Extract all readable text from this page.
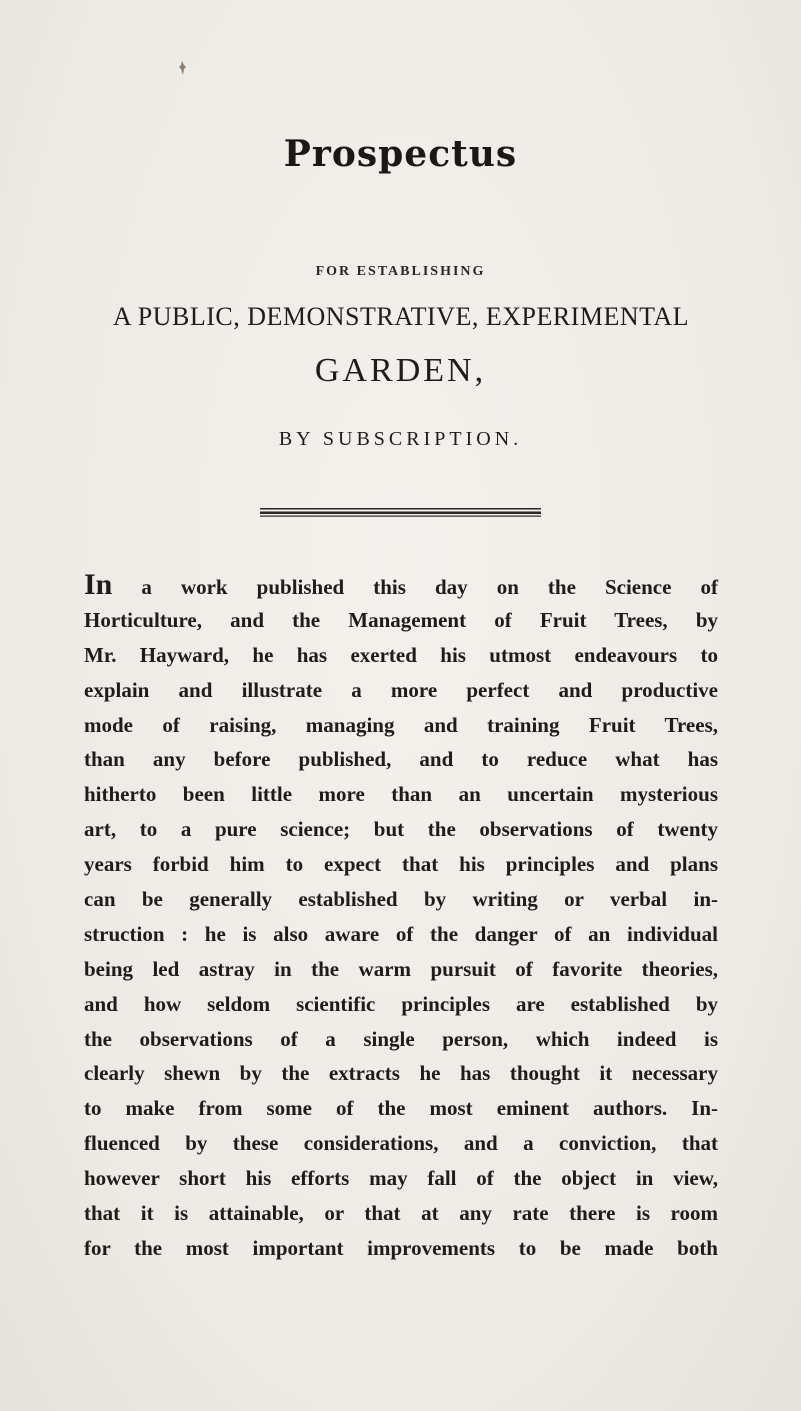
Prospectus
FOR ESTABLISHING
A PUBLIC, DEMONSTRATIVE, EXPERIMENTAL
GARDEN,
BY SUBSCRIPTION.
In a work published this day on the Science of
Horticulture, and the Management of Fruit Trees, by
Mr. Hayward, he has exerted his utmost endeavours to
explain and illustrate a more perfect and productive
mode of raising, managing and training Fruit Trees,
than any before published, and to reduce what has
hitherto been little more than an uncertain mysterious
art, to a pure science; but the observations of twenty
years forbid him to expect that his principles and plans
can be generally established by writing or verbal in-
struction : he is also aware of the danger of an individual
being led astray in the warm pursuit of favorite theories,
and how seldom scientific principles are established by
the observations of a single person, which indeed is
clearly shewn by the extracts he has thought it necessary
to make from some of the most eminent authors. In-
fluenced by these considerations, and a conviction, that
however short his efforts may fall of the object in view,
that it is attainable, or that at any rate there is room
for the most important improvements to be made both
